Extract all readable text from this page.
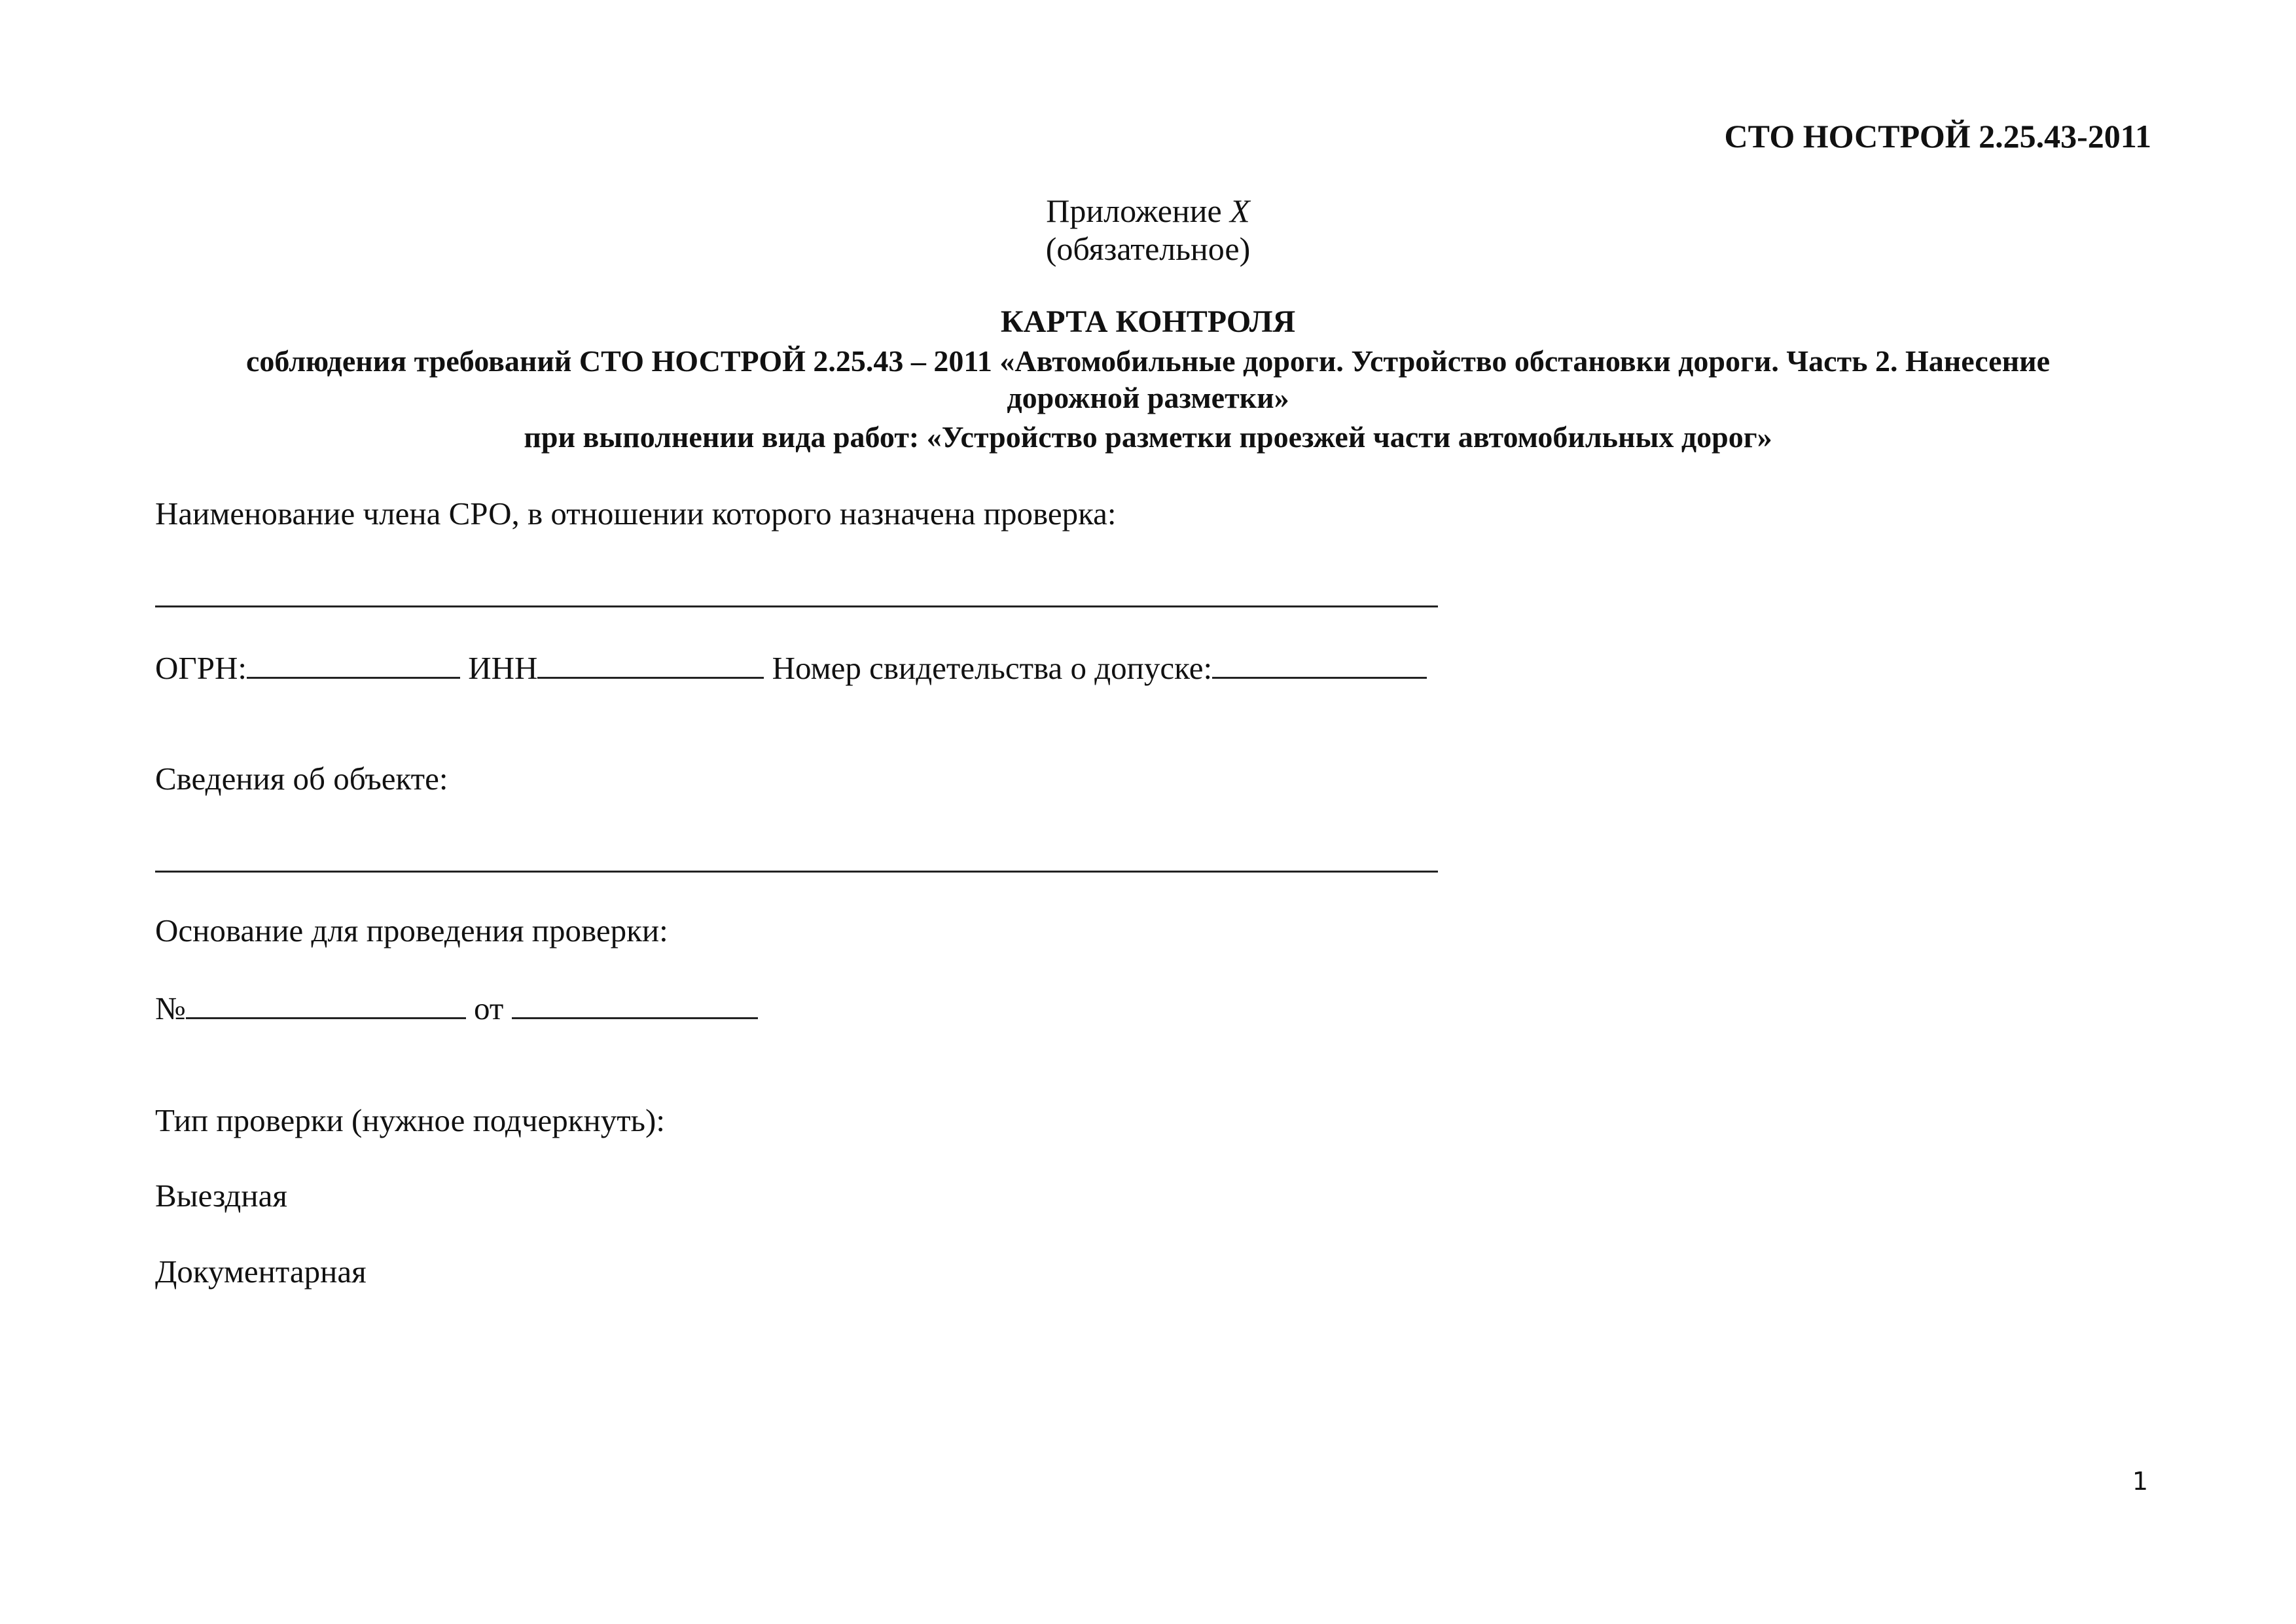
СТО НОСТРОЙ 2.25.43-2011
Приложение X
(обязательное)
КАРТА КОНТРОЛЯ
соблюдения требований СТО НОСТРОЙ 2.25.43 – 2011 «Автомобильные дороги. Устройство обстановки дороги. Часть 2. Нанесение
дорожной разметки»
при выполнении вида работ: «Устройство разметки проезжей части автомобильных дорог»
Наименование члена СРО, в отношении которого назначена проверка:
ОГРН:	ИНН	Номер свидетельства о допуске:
Сведения об объекте:
Основание для проведения проверки:
№	от
Тип проверки (нужное подчеркнуть):
Выездная
Документарная
1
